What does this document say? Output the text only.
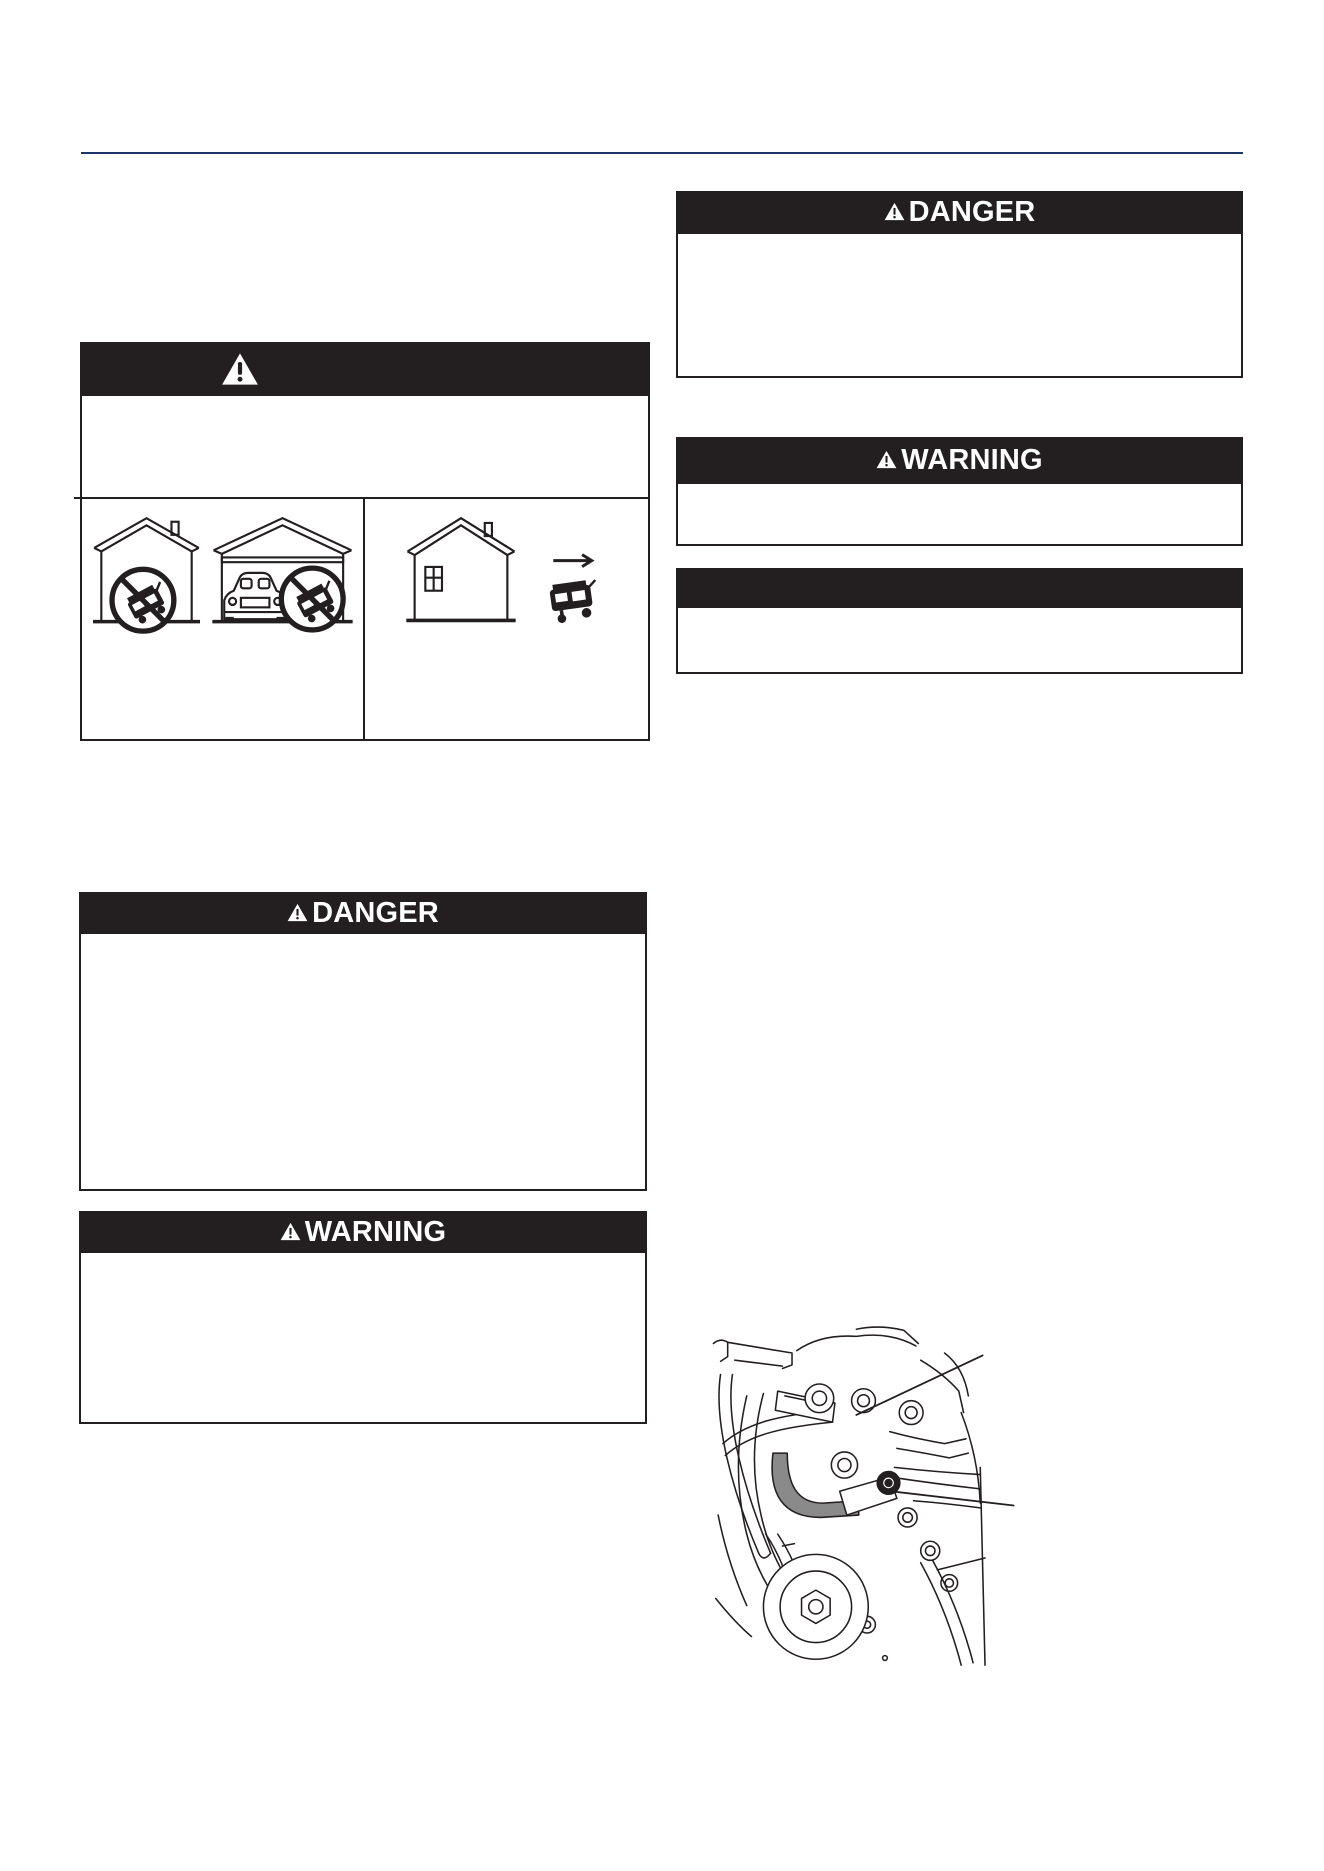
DANGER
WARNING
DANGER
WARNING
